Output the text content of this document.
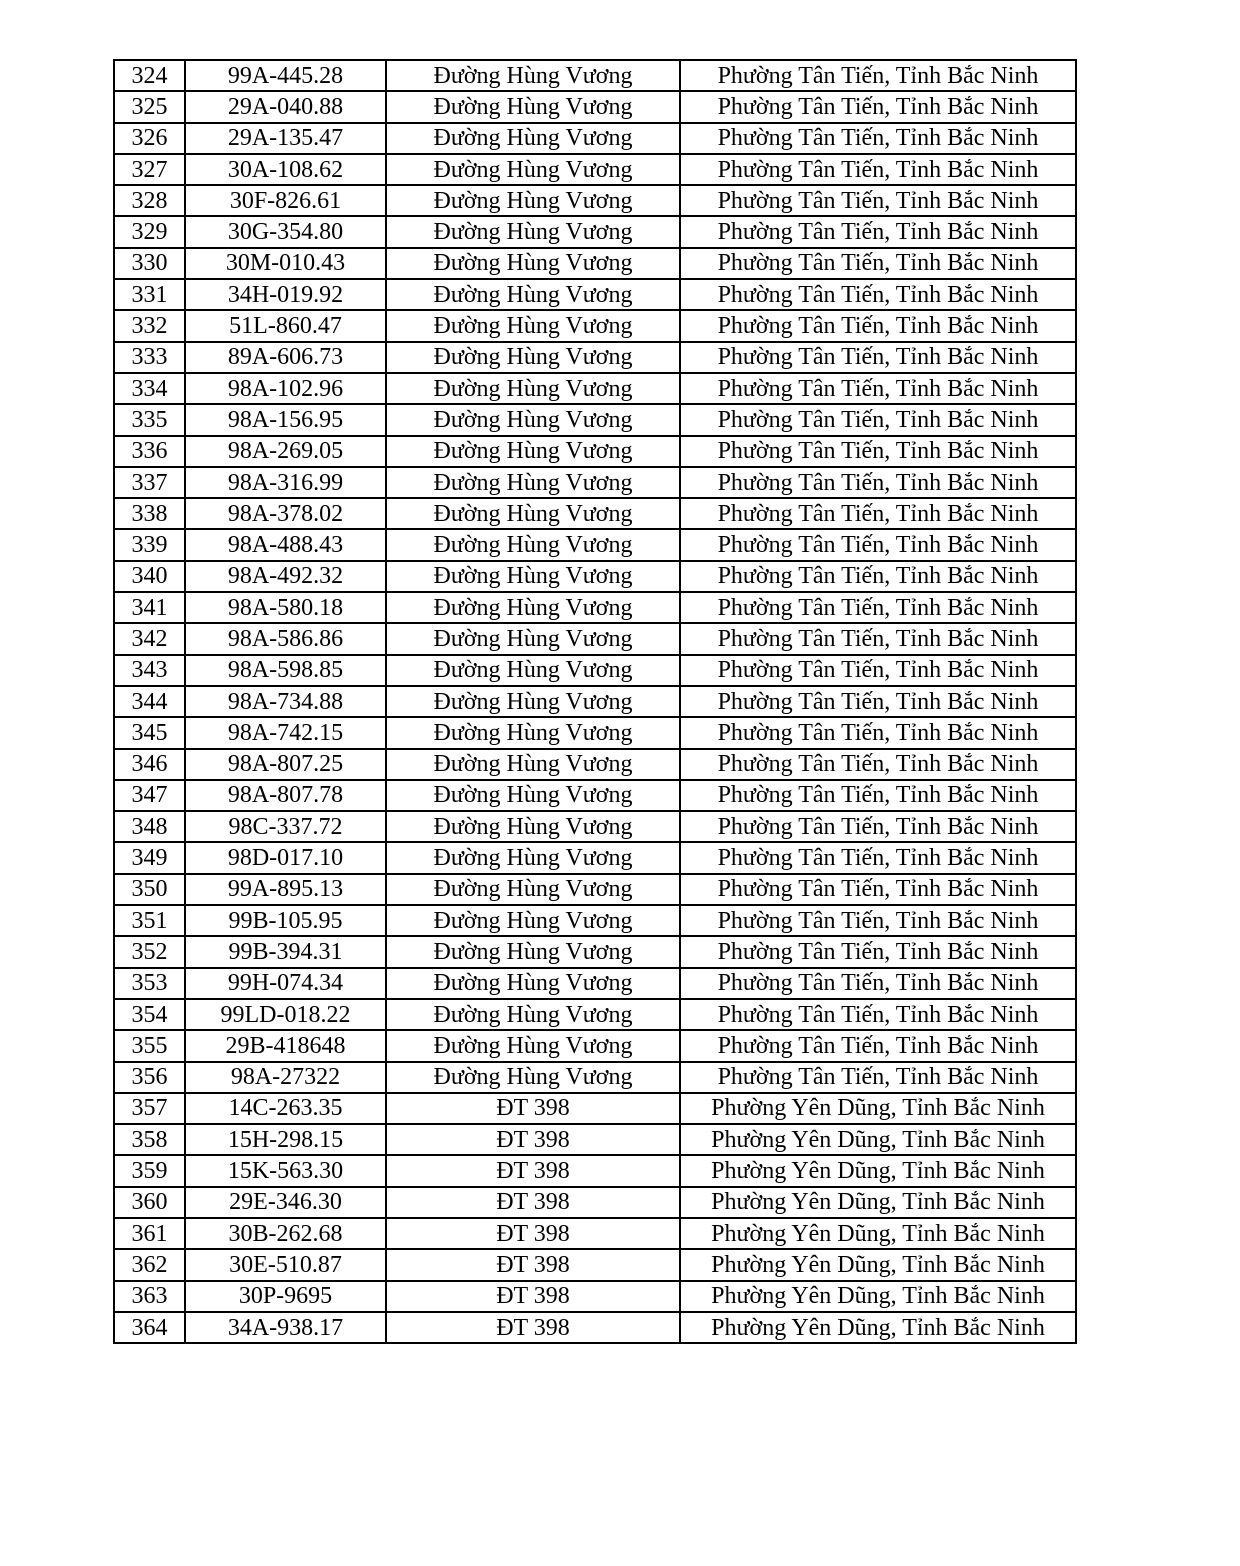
324	99A-445.28	Đường Hùng Vương	Phường Tân Tiến, Tỉnh Bắc Ninh
325	29A-040.88	Đường Hùng Vương	Phường Tân Tiến, Tỉnh Bắc Ninh
326	29A-135.47	Đường Hùng Vương	Phường Tân Tiến, Tỉnh Bắc Ninh
327	30A-108.62	Đường Hùng Vương	Phường Tân Tiến, Tỉnh Bắc Ninh
328	30F-826.61	Đường Hùng Vương	Phường Tân Tiến, Tỉnh Bắc Ninh
329	30G-354.80	Đường Hùng Vương	Phường Tân Tiến, Tỉnh Bắc Ninh
330	30M-010.43	Đường Hùng Vương	Phường Tân Tiến, Tỉnh Bắc Ninh
331	34H-019.92	Đường Hùng Vương	Phường Tân Tiến, Tỉnh Bắc Ninh
332	51L-860.47	Đường Hùng Vương	Phường Tân Tiến, Tỉnh Bắc Ninh
333	89A-606.73	Đường Hùng Vương	Phường Tân Tiến, Tỉnh Bắc Ninh
334	98A-102.96	Đường Hùng Vương	Phường Tân Tiến, Tỉnh Bắc Ninh
335	98A-156.95	Đường Hùng Vương	Phường Tân Tiến, Tỉnh Bắc Ninh
336	98A-269.05	Đường Hùng Vương	Phường Tân Tiến, Tỉnh Bắc Ninh
337	98A-316.99	Đường Hùng Vương	Phường Tân Tiến, Tỉnh Bắc Ninh
338	98A-378.02	Đường Hùng Vương	Phường Tân Tiến, Tỉnh Bắc Ninh
339	98A-488.43	Đường Hùng Vương	Phường Tân Tiến, Tỉnh Bắc Ninh
340	98A-492.32	Đường Hùng Vương	Phường Tân Tiến, Tỉnh Bắc Ninh
341	98A-580.18	Đường Hùng Vương	Phường Tân Tiến, Tỉnh Bắc Ninh
342	98A-586.86	Đường Hùng Vương	Phường Tân Tiến, Tỉnh Bắc Ninh
343	98A-598.85	Đường Hùng Vương	Phường Tân Tiến, Tỉnh Bắc Ninh
344	98A-734.88	Đường Hùng Vương	Phường Tân Tiến, Tỉnh Bắc Ninh
345	98A-742.15	Đường Hùng Vương	Phường Tân Tiến, Tỉnh Bắc Ninh
346	98A-807.25	Đường Hùng Vương	Phường Tân Tiến, Tỉnh Bắc Ninh
347	98A-807.78	Đường Hùng Vương	Phường Tân Tiến, Tỉnh Bắc Ninh
348	98C-337.72	Đường Hùng Vương	Phường Tân Tiến, Tỉnh Bắc Ninh
349	98D-017.10	Đường Hùng Vương	Phường Tân Tiến, Tỉnh Bắc Ninh
350	99A-895.13	Đường Hùng Vương	Phường Tân Tiến, Tỉnh Bắc Ninh
351	99B-105.95	Đường Hùng Vương	Phường Tân Tiến, Tỉnh Bắc Ninh
352	99B-394.31	Đường Hùng Vương	Phường Tân Tiến, Tỉnh Bắc Ninh
353	99H-074.34	Đường Hùng Vương	Phường Tân Tiến, Tỉnh Bắc Ninh
354	99LD-018.22	Đường Hùng Vương	Phường Tân Tiến, Tỉnh Bắc Ninh
355	29B-418648	Đường Hùng Vương	Phường Tân Tiến, Tỉnh Bắc Ninh
356	98A-27322	Đường Hùng Vương	Phường Tân Tiến, Tỉnh Bắc Ninh
357	14C-263.35	ĐT 398	Phường Yên Dũng, Tỉnh Bắc Ninh
358	15H-298.15	ĐT 398	Phường Yên Dũng, Tỉnh Bắc Ninh
359	15K-563.30	ĐT 398	Phường Yên Dũng, Tỉnh Bắc Ninh
360	29E-346.30	ĐT 398	Phường Yên Dũng, Tỉnh Bắc Ninh
361	30B-262.68	ĐT 398	Phường Yên Dũng, Tỉnh Bắc Ninh
362	30E-510.87	ĐT 398	Phường Yên Dũng, Tỉnh Bắc Ninh
363	30P-9695	ĐT 398	Phường Yên Dũng, Tỉnh Bắc Ninh
364	34A-938.17	ĐT 398	Phường Yên Dũng, Tỉnh Bắc Ninh
